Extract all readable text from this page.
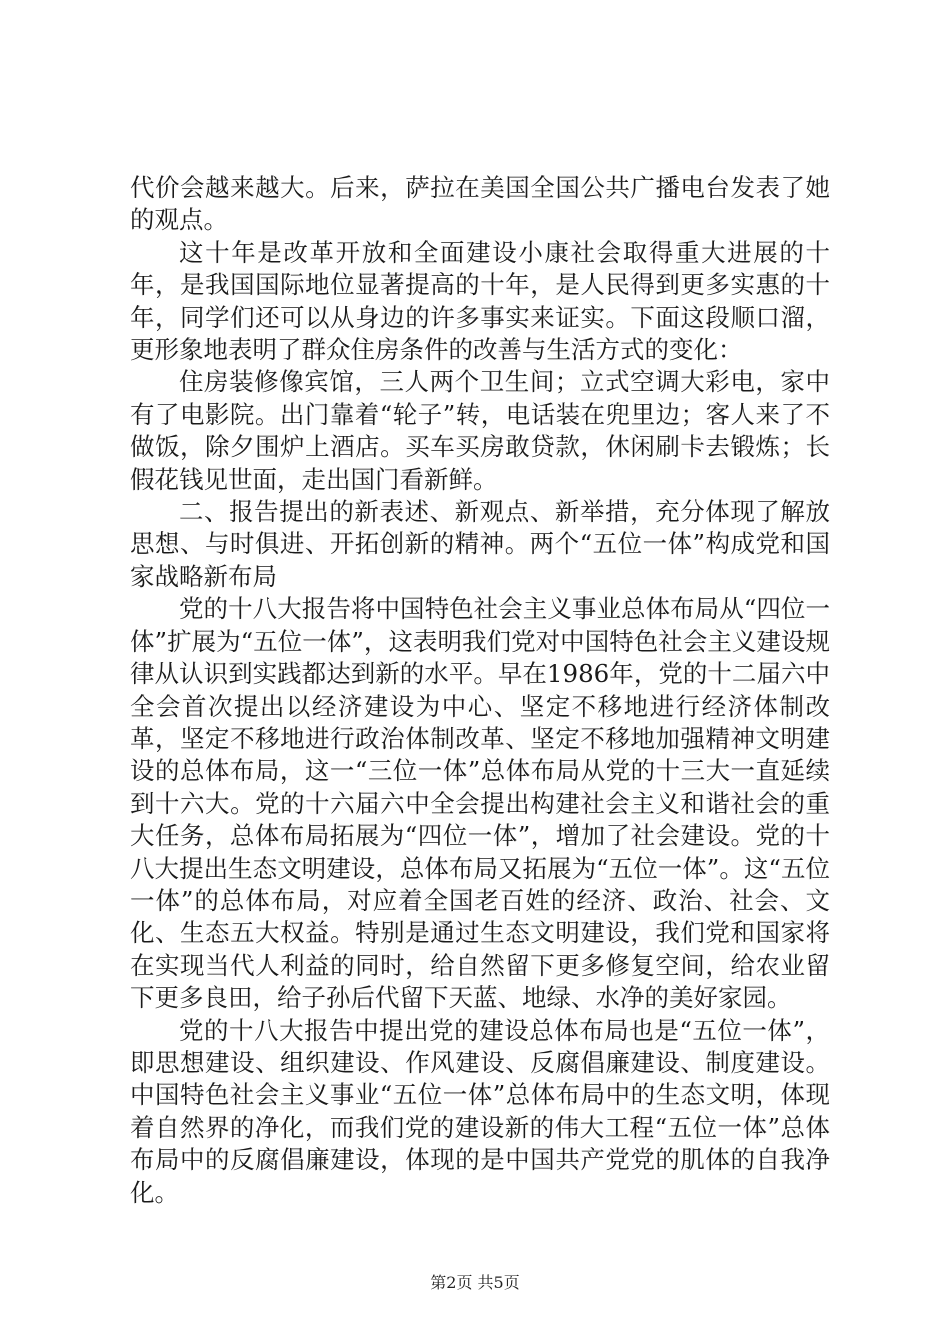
代价会越来越大。后来，萨拉在美国全国公共广播电台发表了她的观点。

这十年是改革开放和全面建设小康社会取得重大进展的十年，是我国国际地位显著提高的十年，是人民得到更多实惠的十年，同学们还可以从身边的许多事实来证实。下面这段顺口溜，更形象地表明了群众住房条件的改善与生活方式的变化：

住房装修像宾馆，三人两个卫生间；立式空调大彩电，家中有了电影院。出门靠着“轮子”转，电话装在兜里边；客人来了不做饭，除夕围炉上酒店。买车买房敢贷款，休闲刷卡去锻炼；长假花钱见世面，走出国门看新鲜。

二、报告提出的新表述、新观点、新举措，充分体现了解放思想、与时俱进、开拓创新的精神。两个“五位一体”构成党和国家战略新布局

党的十八大报告将中国特色社会主义事业总体布局从“四位一体”扩展为“五位一体”，这表明我们党对中国特色社会主义建设规律从认识到实践都达到新的水平。早在1986年，党的十二届六中全会首次提出以经济建设为中心、坚定不移地进行经济体制改革，坚定不移地进行政治体制改革、坚定不移地加强精神文明建设的总体布局，这一“三位一体”总体布局从党的十三大一直延续到十六大。党的十六届六中全会提出构建社会主义和谐社会的重大任务，总体布局拓展为“四位一体”，增加了社会建设。党的十八大提出生态文明建设，总体布局又拓展为“五位一体”。这“五位一体”的总体布局，对应着全国老百姓的经济、政治、社会、文化、生态五大权益。特别是通过生态文明建设，我们党和国家将在实现当代人利益的同时，给自然留下更多修复空间，给农业留下更多良田，给子孙后代留下天蓝、地绿、水净的美好家园。

党的十八大报告中提出党的建设总体布局也是“五位一体”，即思想建设、组织建设、作风建设、反腐倡廉建设、制度建设。中国特色社会主义事业“五位一体”总体布局中的生态文明，体现着自然界的净化，而我们党的建设新的伟大工程“五位一体”总体布局中的反腐倡廉建设，体现的是中国共产党党的肌体的自我净化。

第2页 共5页
